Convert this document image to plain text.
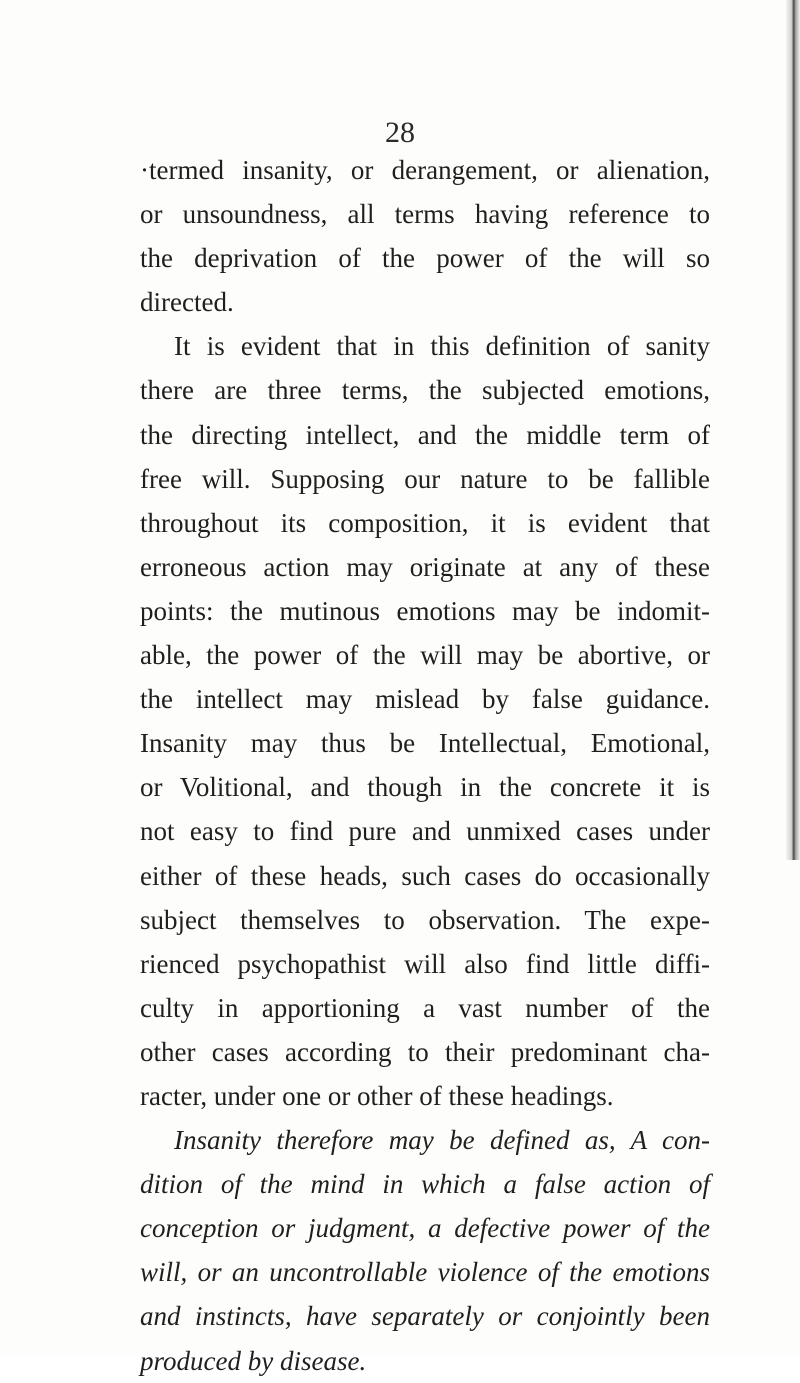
28
·termed insanity, or derangement, or alienation,
or unsoundness, all terms having reference to
the deprivation of the power of the will so
directed.
It is evident that in this definition of sanity
there are three terms, the subjected emotions,
the directing intellect, and the middle term of
free will. Supposing our nature to be fallible
throughout its composition, it is evident that
erroneous action may originate at any of these
points: the mutinous emotions may be indomit-
able, the power of the will may be abortive, or
the intellect may mislead by false guidance.
Insanity may thus be Intellectual, Emotional,
or Volitional, and though in the concrete it is
not easy to find pure and unmixed cases under
either of these heads, such cases do occasionally
subject themselves to observation. The expe-
rienced psychopathist will also find little diffi-
culty in apportioning a vast number of the
other cases according to their predominant cha-
racter, under one or other of these headings.
Insanity therefore may be defined as, A con-
dition of the mind in which a false action of
conception or judgment, a defective power of the
will, or an uncontrollable violence of the emotions
and instincts, have separately or conjointly been
produced by disease.
